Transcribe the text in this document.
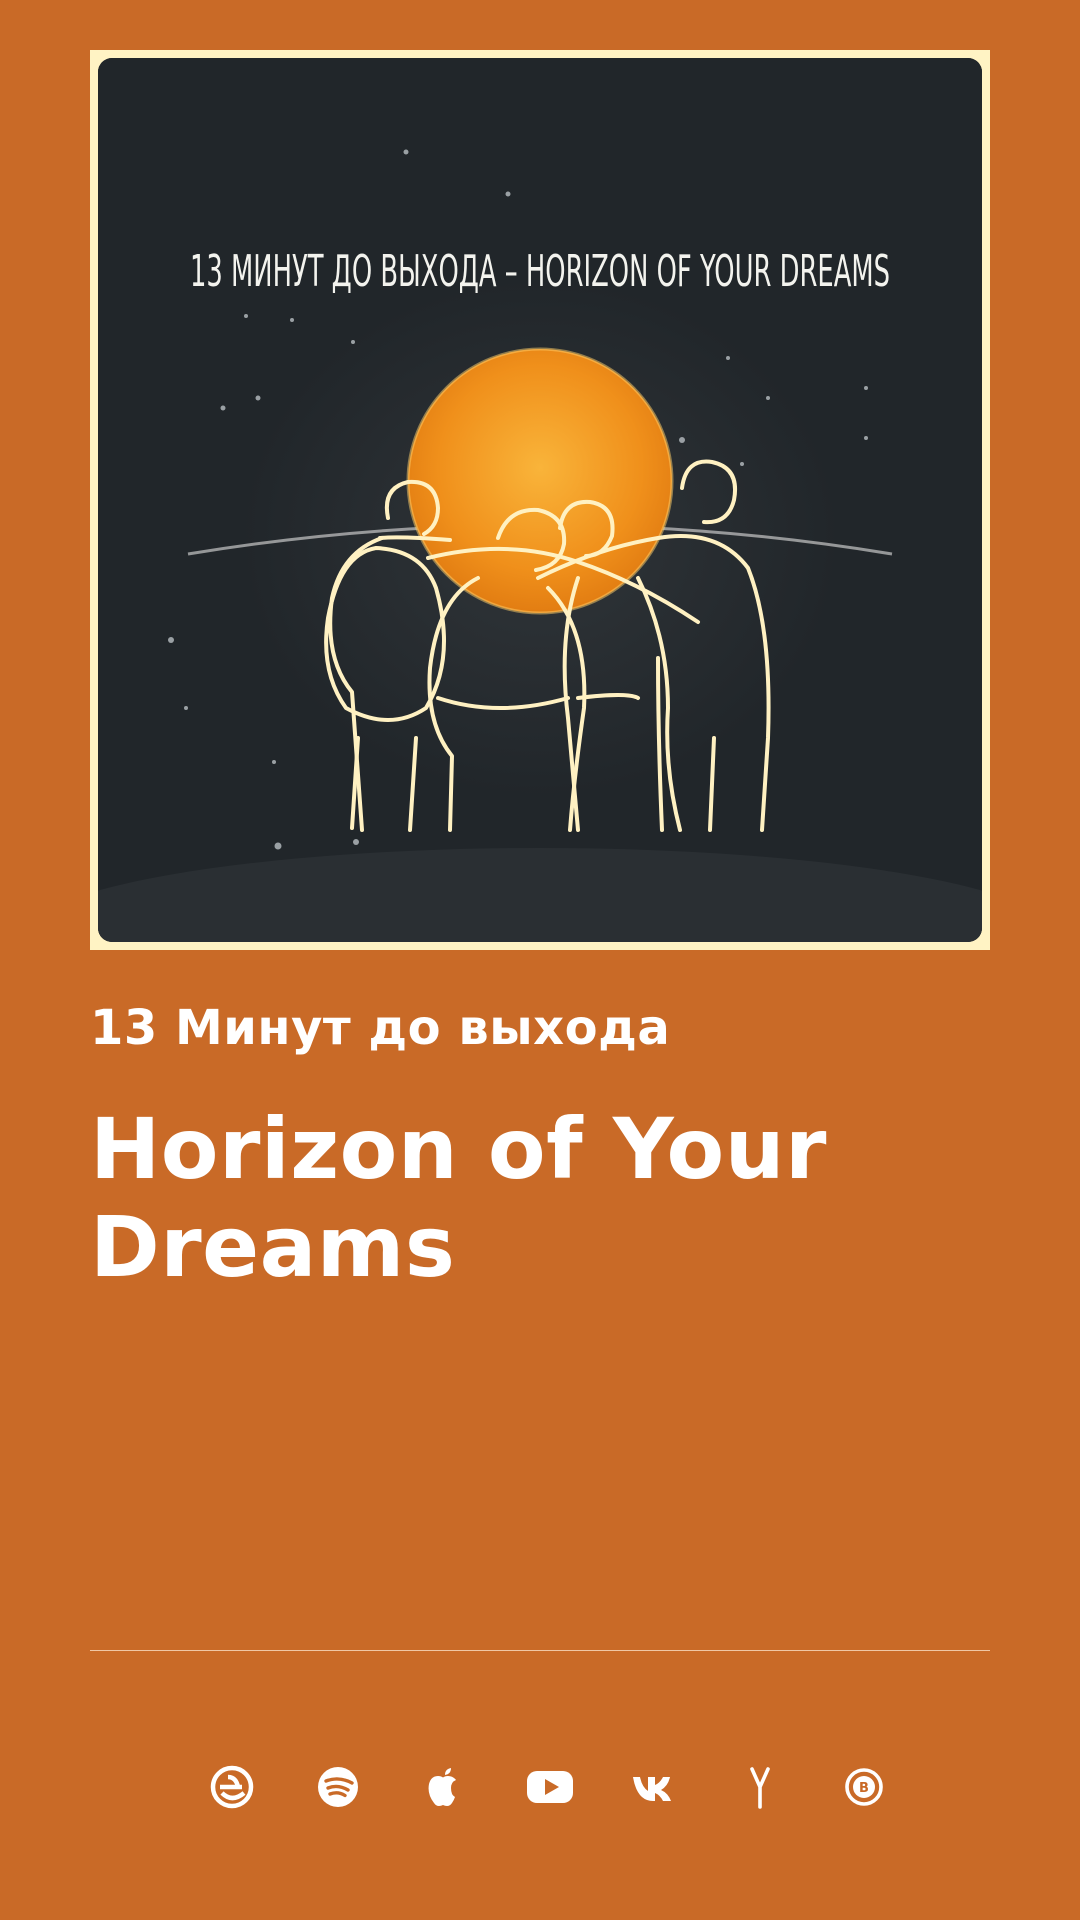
13 МИНУТ ДО ВЫХОДА – HORIZON OF YOUR DREAMS
13 Минут до выхода
Horizon of Your Dreams
B
